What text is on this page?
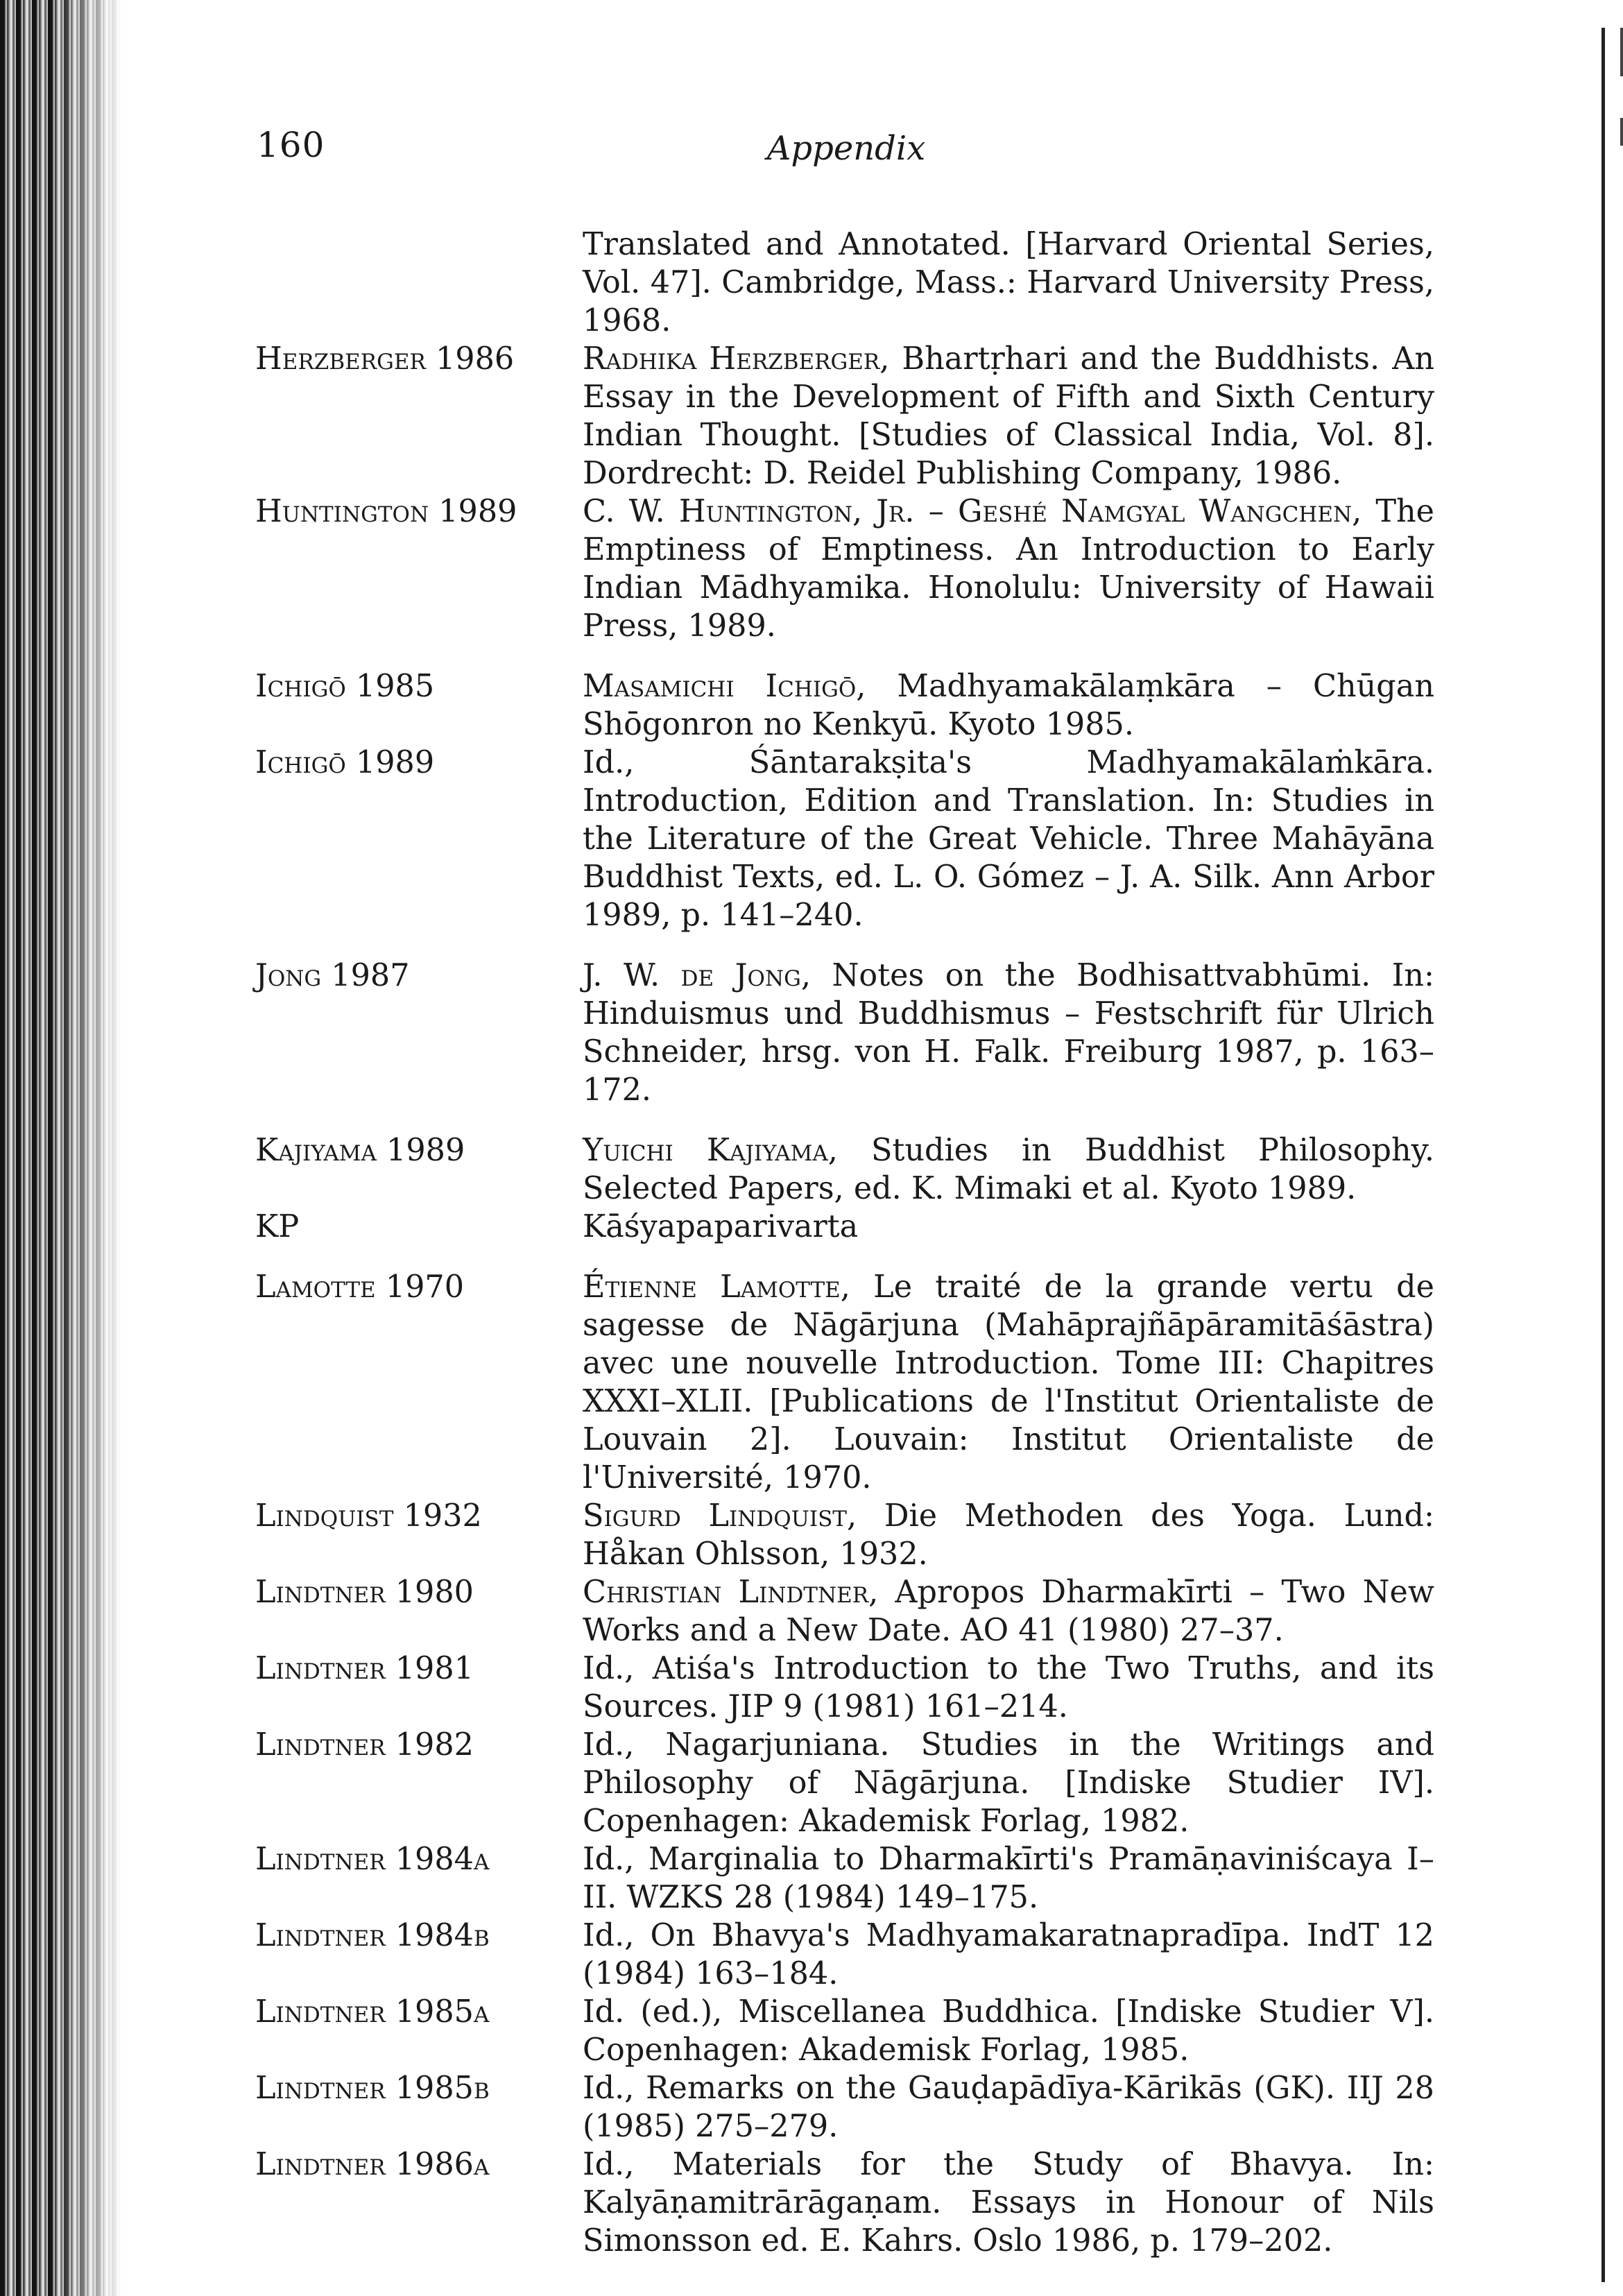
160	Appendix
Translated and Annotated. [Harvard Oriental Series, Vol. 47]. Cambridge, Mass.: Harvard University Press, 1968.
Herzberger 1986	Radhika Herzberger, Bhartṛhari and the Buddhists. An Essay in the Development of Fifth and Sixth Century Indian Thought. [Studies of Classical India, Vol. 8]. Dordrecht: D. Reidel Publishing Company, 1986.
Huntington 1989	C. W. Huntington, Jr. – Geshé Namgyal Wangchen, The Emptiness of Emptiness. An Introduction to Early Indian Mādhyamika. Honolulu: University of Hawaii Press, 1989.
Ichigō 1985	Masamichi Ichigō, Madhyamakālaṃkāra – Chūgan Shōgonron no Kenkyū. Kyoto 1985.
Ichigō 1989	Id., Śāntarakṣita's Madhyamakālaṁkāra. Introduction, Edition and Translation. In: Studies in the Literature of the Great Vehicle. Three Mahāyāna Buddhist Texts, ed. L. O. Gómez – J. A. Silk. Ann Arbor 1989, p. 141–240.
Jong 1987	J. W. de Jong, Notes on the Bodhisattvabhūmi. In: Hinduismus und Buddhismus – Festschrift für Ulrich Schneider, hrsg. von H. Falk. Freiburg 1987, p. 163–172.
Kajiyama 1989	Yuichi Kajiyama, Studies in Buddhist Philosophy. Selected Papers, ed. K. Mimaki et al. Kyoto 1989.
KP	Kāśyapaparivarta
Lamotte 1970	Étienne Lamotte, Le traité de la grande vertu de sagesse de Nāgārjuna (Mahāprajñāpāramitāśāstra) avec une nouvelle Introduction. Tome III: Chapitres XXXI–XLII. [Publications de l'Institut Orientaliste de Louvain 2]. Louvain: Institut Orientaliste de l'Université, 1970.
Lindquist 1932	Sigurd Lindquist, Die Methoden des Yoga. Lund: Håkan Ohlsson, 1932.
Lindtner 1980	Christian Lindtner, Apropos Dharmakīrti – Two New Works and a New Date. AO 41 (1980) 27–37.
Lindtner 1981	Id., Atiśa's Introduction to the Two Truths, and its Sources. JIP 9 (1981) 161–214.
Lindtner 1982	Id., Nagarjuniana. Studies in the Writings and Philosophy of Nāgārjuna. [Indiske Studier IV]. Copenhagen: Akademisk Forlag, 1982.
Lindtner 1984a	Id., Marginalia to Dharmakīrti's Pramāṇaviniścaya I–II. WZKS 28 (1984) 149–175.
Lindtner 1984b	Id., On Bhavya's Madhyamakaratnapradīpa. IndT 12 (1984) 163–184.
Lindtner 1985a	Id. (ed.), Miscellanea Buddhica. [Indiske Studier V]. Copenhagen: Akademisk Forlag, 1985.
Lindtner 1985b	Id., Remarks on the Gauḍapādīya-Kārikās (GK). IIJ 28 (1985) 275–279.
Lindtner 1986a	Id., Materials for the Study of Bhavya. In: Kalyāṇamitrārāgaṇam. Essays in Honour of Nils Simonsson ed. E. Kahrs. Oslo 1986, p. 179–202.
